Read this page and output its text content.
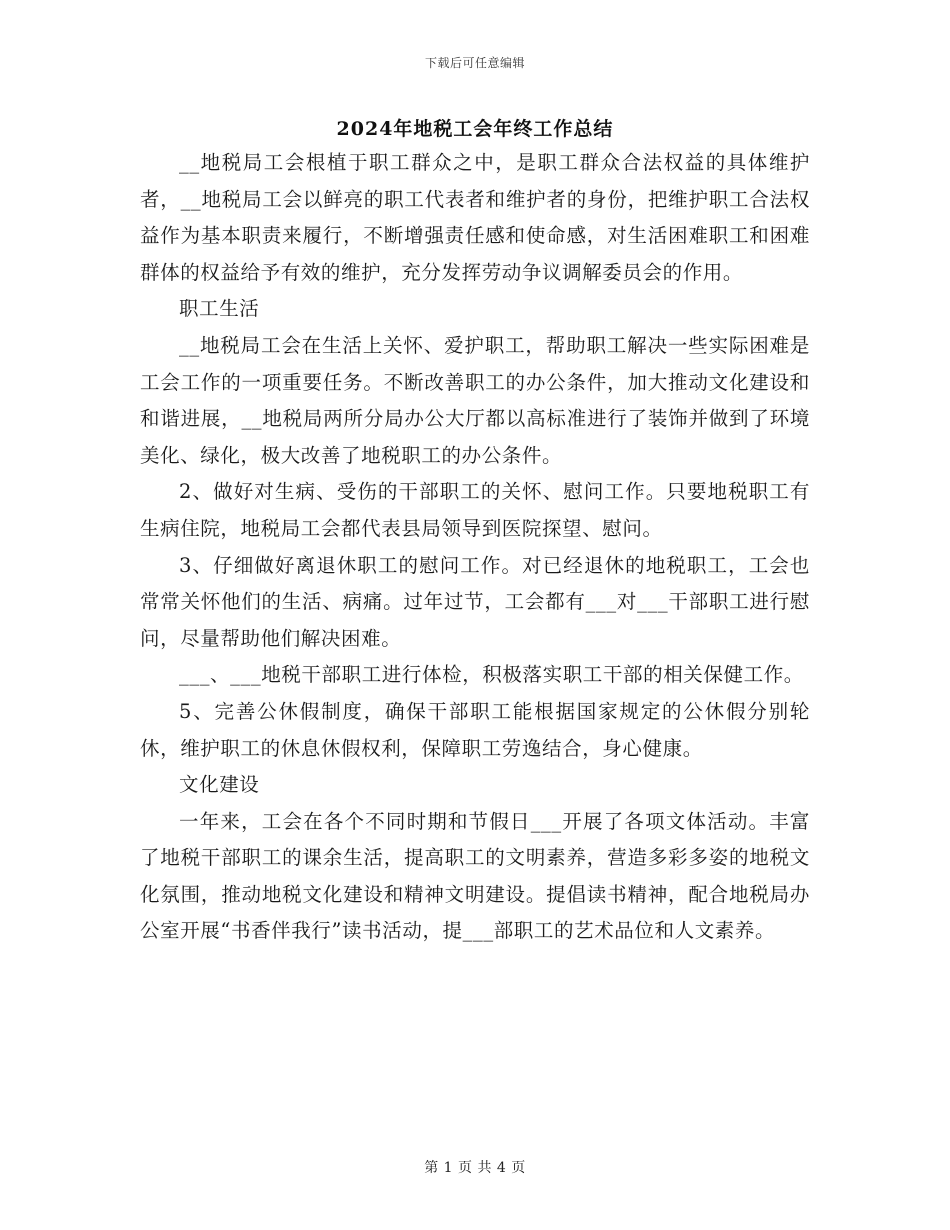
下载后可任意编辑
2024年地税工会年终工作总结

__地税局工会根植于职工群众之中，是职工群众合法权益的具体维护者，__地税局工会以鲜亮的职工代表者和维护者的身份，把维护职工合法权益作为基本职责来履行，不断增强责任感和使命感，对生活困难职工和困难群体的权益给予有效的维护，充分发挥劳动争议调解委员会的作用。

职工生活

__地税局工会在生活上关怀、爱护职工，帮助职工解决一些实际困难是工会工作的一项重要任务。不断改善职工的办公条件，加大推动文化建设和和谐进展，__地税局两所分局办公大厅都以高标准进行了装饰并做到了环境美化、绿化，极大改善了地税职工的办公条件。

2、做好对生病、受伤的干部职工的关怀、慰问工作。只要地税职工有生病住院，地税局工会都代表县局领导到医院探望、慰问。

3、仔细做好离退休职工的慰问工作。对已经退休的地税职工，工会也常常关怀他们的生活、病痛。过年过节，工会都有___对___干部职工进行慰问，尽量帮助他们解决困难。

___、___地税干部职工进行体检，积极落实职工干部的相关保健工作。

5、完善公休假制度，确保干部职工能根据国家规定的公休假分别轮休，维护职工的休息休假权利，保障职工劳逸结合，身心健康。

文化建设

一年来，工会在各个不同时期和节假日___开展了各项文体活动。丰富了地税干部职工的课余生活，提高职工的文明素养，营造多彩多姿的地税文化氛围，推动地税文化建设和精神文明建设。提倡读书精神，配合地税局办公室开展“书香伴我行”读书活动，提___部职工的艺术品位和人文素养。

第 1 页 共 4 页
